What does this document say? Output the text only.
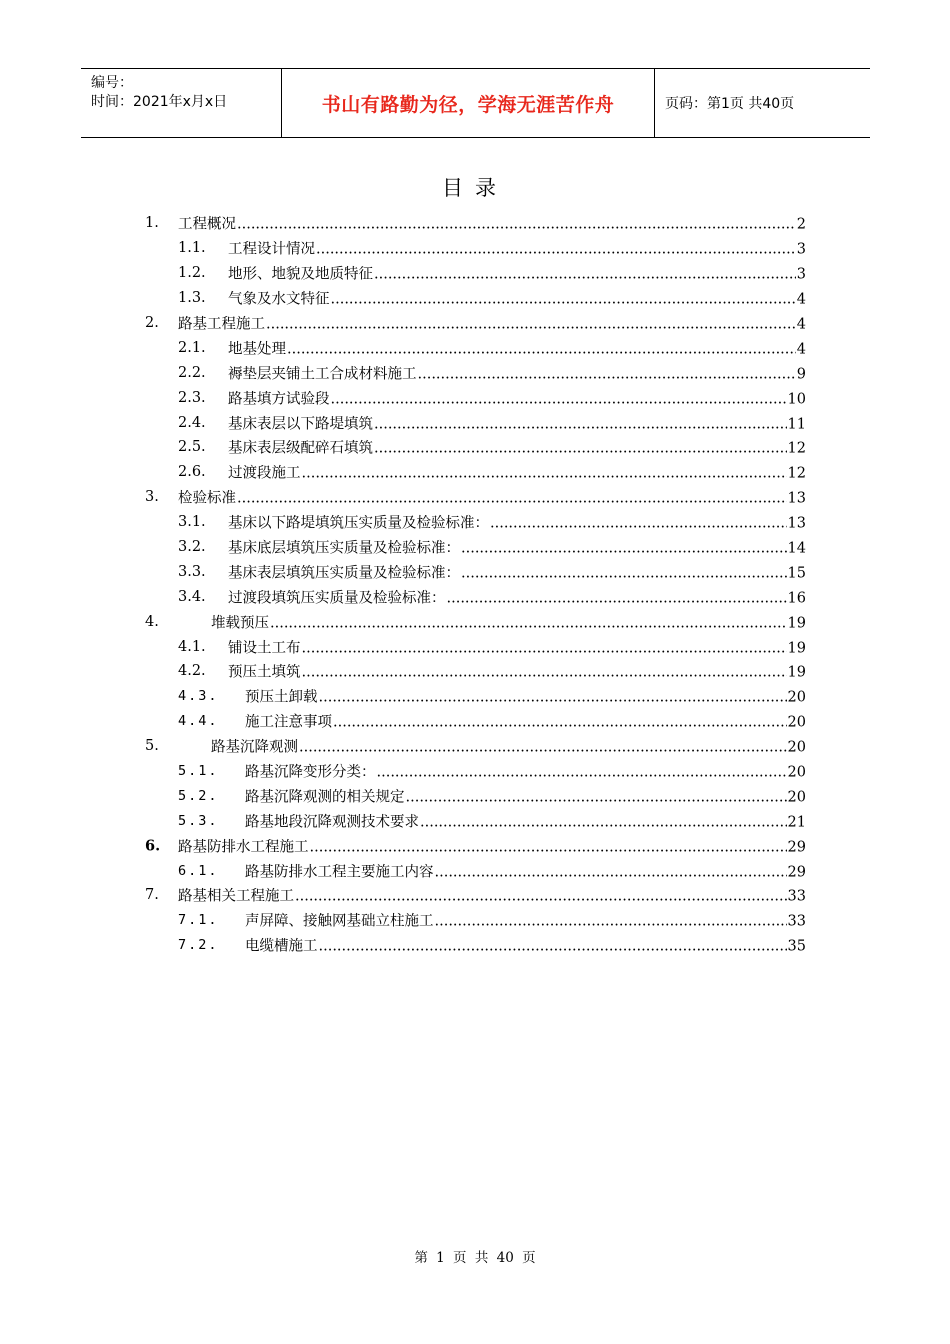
编号：
时间：2021年x月x日	书山有路勤为径，学海无涯苦作舟	页码：第1页 共40页
目录
1. 工程概况 .....	2
1.1. 工程设计情况 .....	3
1.2. 地形、地貌及地质特征 .....	3
1.3. 气象及水文特征 .....	4
2. 路基工程施工 .....	4
2.1. 地基处理 .....	4
2.2. 褥垫层夹铺土工合成材料施工 .....	9
2.3. 路基填方试验段 .....	10
2.4. 基床表层以下路堤填筑 .....	11
2.5. 基床表层级配碎石填筑 .....	12
2.6. 过渡段施工 .....	12
3. 检验标准 .....	13
3.1. 基床以下路堤填筑压实质量及检验标准： .....	13
3.2. 基床底层填筑压实质量及检验标准： .....	14
3.3. 基床表层填筑压实质量及检验标准： .....	15
3.4. 过渡段填筑压实质量及检验标准： .....	16
4.	堆载预压 .....	19
4.1. 铺设土工布 .....	19
4.2. 预压土填筑 .....	19
4.3. 预压土卸载 .....	20
4.4. 施工注意事项 .....	20
5.	路基沉降观测 .....	20
5.1. 路基沉降变形分类： .....	20
5.2. 路基沉降观测的相关规定 .....	20
5.3. 路基地段沉降观测技术要求 .....	21
6. 路基防排水工程施工 .....	29
6.1. 路基防排水工程主要施工内容 .....	29
7. 路基相关工程施工 .....	33
7.1. 声屏障、接触网基础立柱施工 .....	33
7.2. 电缆槽施工 .....	35
第 1 页 共 40 页
